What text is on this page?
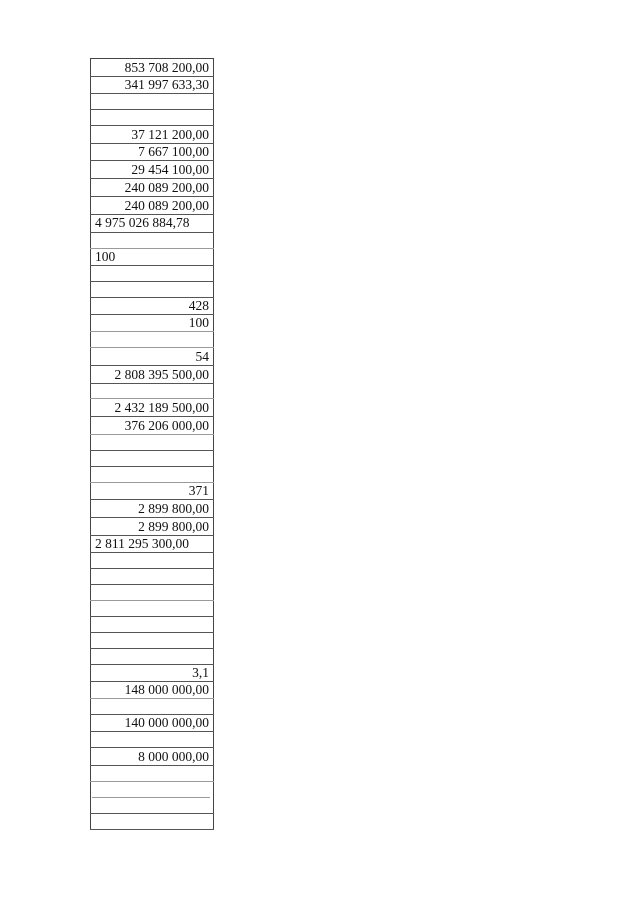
853 708 200,00
341 997 633,30
37 121 200,00
7 667 100,00
29 454 100,00
240 089 200,00
240 089 200,00
4 975 026 884,78
100
428
100
54
2 808 395 500,00
2 432 189 500,00
376 206 000,00
371
2 899 800,00
2 899 800,00
2 811 295 300,00
3,1
148 000 000,00
140 000 000,00
8 000 000,00
